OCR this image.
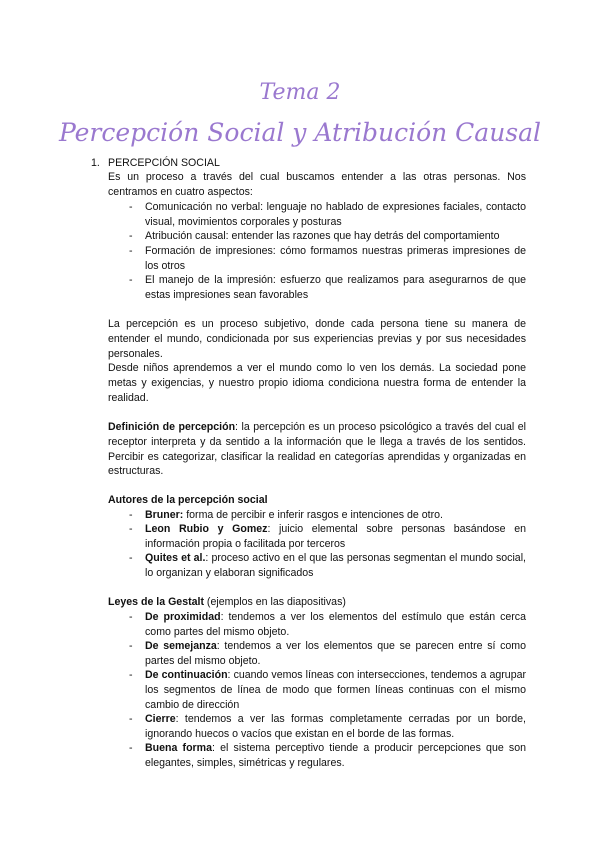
Tema 2
Percepción Social y Atribución Causal
1. PERCEPCIÓN SOCIAL
Es un proceso a través del cual buscamos entender a las otras personas. Nos centramos en cuatro aspectos:
- Comunicación no verbal: lenguaje no hablado de expresiones faciales, contacto visual, movimientos corporales y posturas
- Atribución causal: entender las razones que hay detrás del comportamiento
- Formación de impresiones: cómo formamos nuestras primeras impresiones de los otros
- El manejo de la impresión: esfuerzo que realizamos para asegurarnos de que estas impresiones sean favorables
La percepción es un proceso subjetivo, donde cada persona tiene su manera de entender el mundo, condicionada por sus experiencias previas y por sus necesidades personales.
Desde niños aprendemos a ver el mundo como lo ven los demás. La sociedad pone metas y exigencias, y nuestro propio idioma condiciona nuestra forma de entender la realidad.
Definición de percepción: la percepción es un proceso psicológico a través del cual el receptor interpreta y da sentido a la información que le llega a través de los sentidos. Percibir es categorizar, clasificar la realidad en categorías aprendidas y organizadas en estructuras.
Autores de la percepción social
- Bruner: forma de percibir e inferir rasgos e intenciones de otro.
- Leon Rubio y Gomez: juicio elemental sobre personas basándose en información propia o facilitada por terceros
- Quites et al.: proceso activo en el que las personas segmentan el mundo social, lo organizan y elaboran significados
Leyes de la Gestalt (ejemplos en las diapositivas)
- De proximidad: tendemos a ver los elementos del estímulo que están cerca como partes del mismo objeto.
- De semejanza: tendemos a ver los elementos que se parecen entre sí como partes del mismo objeto.
- De continuación: cuando vemos líneas con intersecciones, tendemos a agrupar los segmentos de línea de modo que formen líneas continuas con el mismo cambio de dirección
- Cierre: tendemos a ver las formas completamente cerradas por un borde, ignorando huecos o vacíos que existan en el borde de las formas.
- Buena forma: el sistema perceptivo tiende a producir percepciones que son elegantes, simples, simétricas y regulares.
